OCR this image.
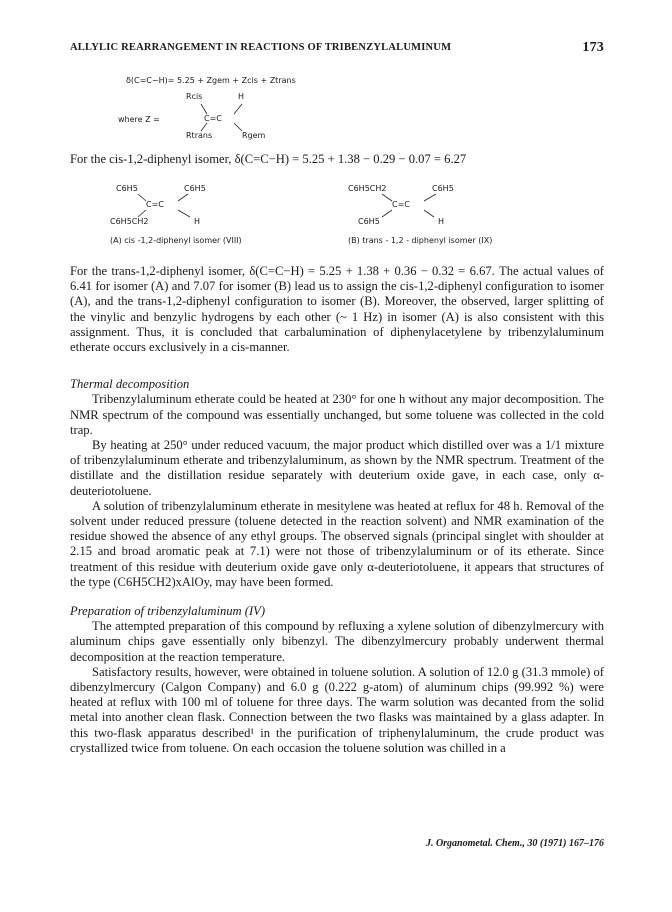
ALLYLIC REARRANGEMENT IN REACTIONS OF TRIBENZYLALUMINUM	173
δ(C=C−H)= 5.25 + Zgem + Zcis + Ztrans
where Z =
Rcis	H
C=C
Rtrans	Rgem
For the cis-1,2-diphenyl isomer, δ(C=C−H) = 5.25 + 1.38 − 0.29 − 0.07 = 6.27
C6H5	C6H5
C=C
C6H5CH2	H
(A) cis -1,2-diphenyl isomer (VIII)
C6H5CH2	C6H5
C=C
C6H5	H
(B) trans - 1,2 - diphenyl isomer (IX)

For the trans-1,2-diphenyl isomer, δ(C=C−H) = 5.25 + 1.38 + 0.36 − 0.32 = 6.67. The actual values of 6.41 for isomer (A) and 7.07 for isomer (B) lead us to assign the cis-1,2-diphenyl configuration to isomer (A), and the trans-1,2-diphenyl configuration to isomer (B). Moreover, the observed, larger splitting of the vinylic and benzylic hydrogens by each other (~ 1 Hz) in isomer (A) is also consistent with this assignment. Thus, it is concluded that carbalumination of diphenylacetylene by tribenzylaluminum etherate occurs exclusively in a cis-manner.

Thermal decomposition

Tribenzylaluminum etherate could be heated at 230° for one h without any major decomposition. The NMR spectrum of the compound was essentially unchanged, but some toluene was collected in the cold trap.

By heating at 250° under reduced vacuum, the major product which distilled over was a 1/1 mixture of tribenzylaluminum etherate and tribenzylaluminum, as shown by the NMR spectrum. Treatment of the distillate and the distillation residue separately with deuterium oxide gave, in each case, only α-deuteriotoluene.

A solution of tribenzylaluminum etherate in mesitylene was heated at reflux for 48 h. Removal of the solvent under reduced pressure (toluene detected in the reaction solvent) and NMR examination of the residue showed the absence of any ethyl groups. The observed signals (principal singlet with shoulder at 2.15 and broad aromatic peak at 7.1) were not those of tribenzylaluminum or of its etherate. Since treatment of this residue with deuterium oxide gave only α-deuteriotoluene, it appears that structures of the type (C6H5CH2)xAlOy, may have been formed.

Preparation of tribenzylaluminum (IV)

The attempted preparation of this compound by refluxing a xylene solution of dibenzylmercury with aluminum chips gave essentially only bibenzyl. The dibenzylmercury probably underwent thermal decomposition at the reaction temperature.

Satisfactory results, however, were obtained in toluene solution. A solution of 12.0 g (31.3 mmole) of dibenzylmercury (Calgon Company) and 6.0 g (0.222 g-atom) of aluminum chips (99.992 %) were heated at reflux with 100 ml of toluene for three days. The warm solution was decanted from the solid metal into another clean flask. Connection between the two flasks was maintained by a glass adapter. In this two-flask apparatus described¹ in the purification of triphenylaluminum, the crude product was crystallized twice from toluene. On each occasion the toluene solution was chilled in a

J. Organometal. Chem., 30 (1971) 167–176
